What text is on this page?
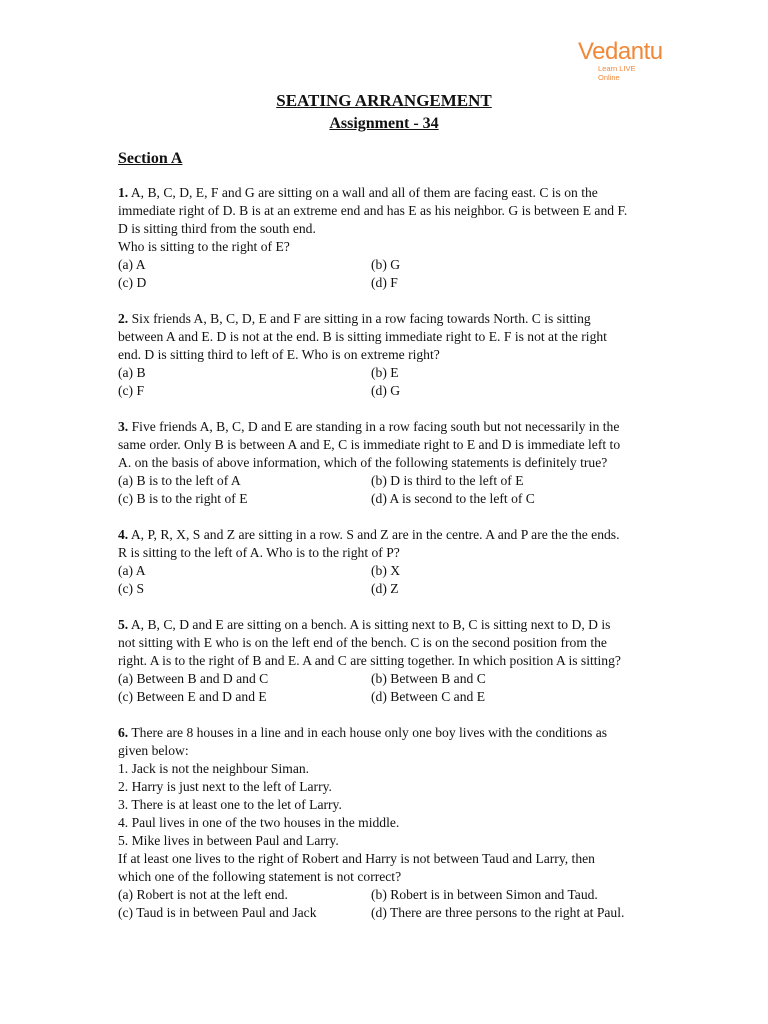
Vedantu
Learn LIVE Online
SEATING ARRANGEMENT
Assignment - 34
Section A
1. A, B, C, D, E, F and G are sitting on a wall and all of them are facing east. C is on the
immediate right of D. B is at an extreme end and has E as his neighbor. G is between E and F.
D is sitting third from the south end.
Who is sitting to the right of E?
(a) A	(b) G
(c) D	(d) F
2. Six friends A, B, C, D, E and F are sitting in a row facing towards North. C is sitting
between A and E. D is not at the end. B is sitting immediate right to E. F is not at the right
end. D is sitting third to left of E. Who is on extreme right?
(a) B	(b) E
(c) F	(d) G
3. Five friends A, B, C, D and E are standing in a row facing south but not necessarily in the
same order. Only B is between A and E, C is immediate right to E and D is immediate left to
A. on the basis of above information, which of the following statements is definitely true?
(a) B is to the left of A	(b) D is third to the left of E
(c) B is to the right of E	(d) A is second to the left of C
4. A, P, R, X, S and Z are sitting in a row. S and Z are in the centre. A and P are the the ends.
R is sitting to the left of A. Who is to the right of P?
(a) A	(b) X
(c) S	(d) Z
5. A, B, C, D and E are sitting on a bench. A is sitting next to B, C is sitting next to D, D is
not sitting with E who is on the left end of the bench. C is on the second position from the
right. A is to the right of B and E. A and C are sitting together. In which position A is sitting?
(a) Between B and D and C	(b) Between B and C
(c) Between E and D and E	(d) Between C and E
6. There are 8 houses in a line and in each house only one boy lives with the conditions as
given below:
1. Jack is not the neighbour Siman.
2. Harry is just next to the left of Larry.
3. There is at least one to the let of Larry.
4. Paul lives in one of the two houses in the middle.
5. Mike lives in between Paul and Larry.
If at least one lives to the right of Robert and Harry is not between Taud and Larry, then
which one of the following statement is not correct?
(a) Robert is not at the left end.	(b) Robert is in between Simon and Taud.
(c) Taud is in between Paul and Jack	(d) There are three persons to the right at Paul.
